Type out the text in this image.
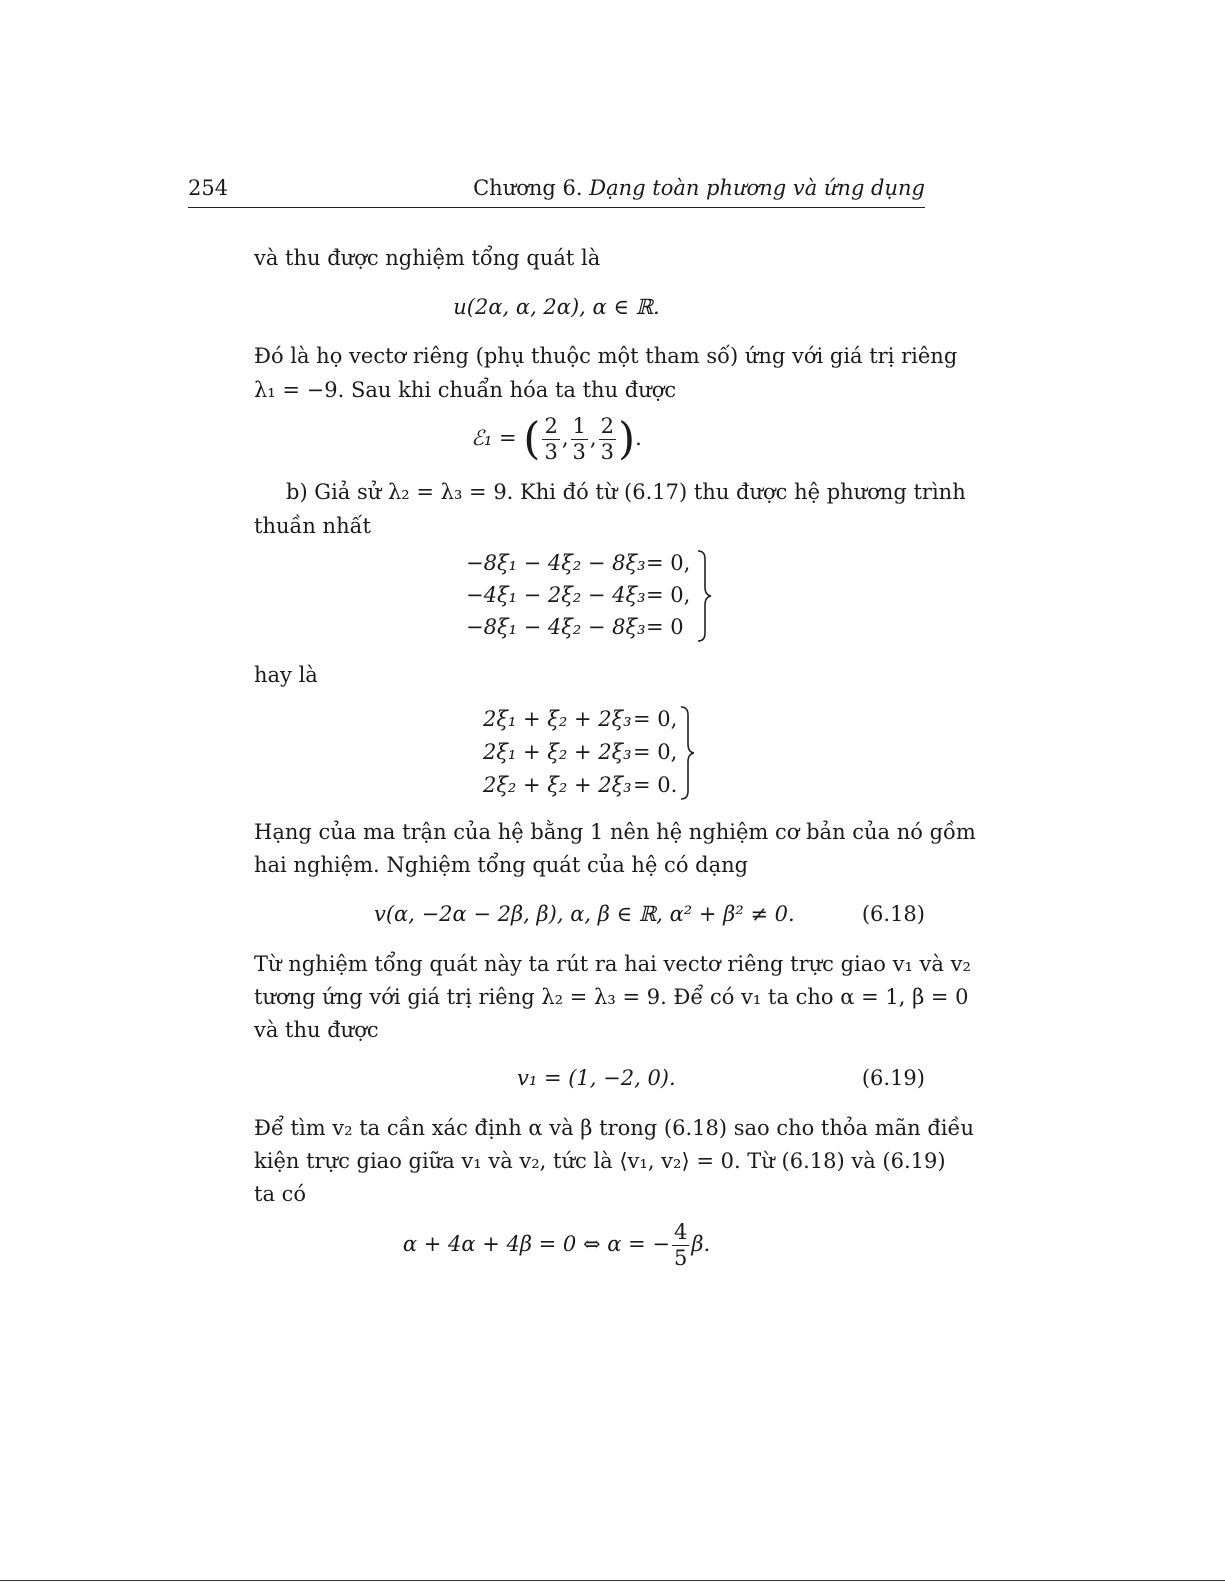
254	Chương 6. Dạng toàn phương và ứng dụng
và thu được nghiệm tổng quát là
u(2α, α, 2α), α ∈ ℝ.
Đó là họ vectơ riêng (phụ thuộc một tham số) ứng với giá trị riêng
λ₁ = −9. Sau khi chuẩn hóa ta thu được
ℰ₁ = ( $\frac{2}{3}$ , $\frac{1}{3}$ , $\frac{2}{3}$ ).
b) Giả sử λ₂ = λ₃ = 9. Khi đó từ (6.17) thu được hệ phương trình
thuần nhất
−8ξ₁ − 4ξ₂ − 8ξ₃ = 0,
−4ξ₁ − 2ξ₂ − 4ξ₃ = 0,
−8ξ₁ − 4ξ₂ − 8ξ₃ = 0
hay là
2ξ₁ + ξ₂ + 2ξ₃ = 0,
2ξ₁ + ξ₂ + 2ξ₃ = 0,
2ξ₂ + ξ₂ + 2ξ₃ = 0.
Hạng của ma trận của hệ bằng 1 nên hệ nghiệm cơ bản của nó gồm
hai nghiệm. Nghiệm tổng quát của hệ có dạng
v(α, −2α − 2β, β), α, β ∈ ℝ, α² + β² ≠ 0.	(6.18)
Từ nghiệm tổng quát này ta rút ra hai vectơ riêng trực giao v₁ và v₂
tương ứng với giá trị riêng λ₂ = λ₃ = 9. Để có v₁ ta cho α = 1, β = 0
và thu được
v₁ = (1, −2, 0).	(6.19)
Để tìm v₂ ta cần xác định α và β trong (6.18) sao cho thỏa mãn điều
kiện trực giao giữa v₁ và v₂, tức là ⟨v₁, v₂⟩ = 0. Từ (6.18) và (6.19)
ta có
α + 4α + 4β = 0 ⇔ α = − $\frac{4}{5} \beta$.
